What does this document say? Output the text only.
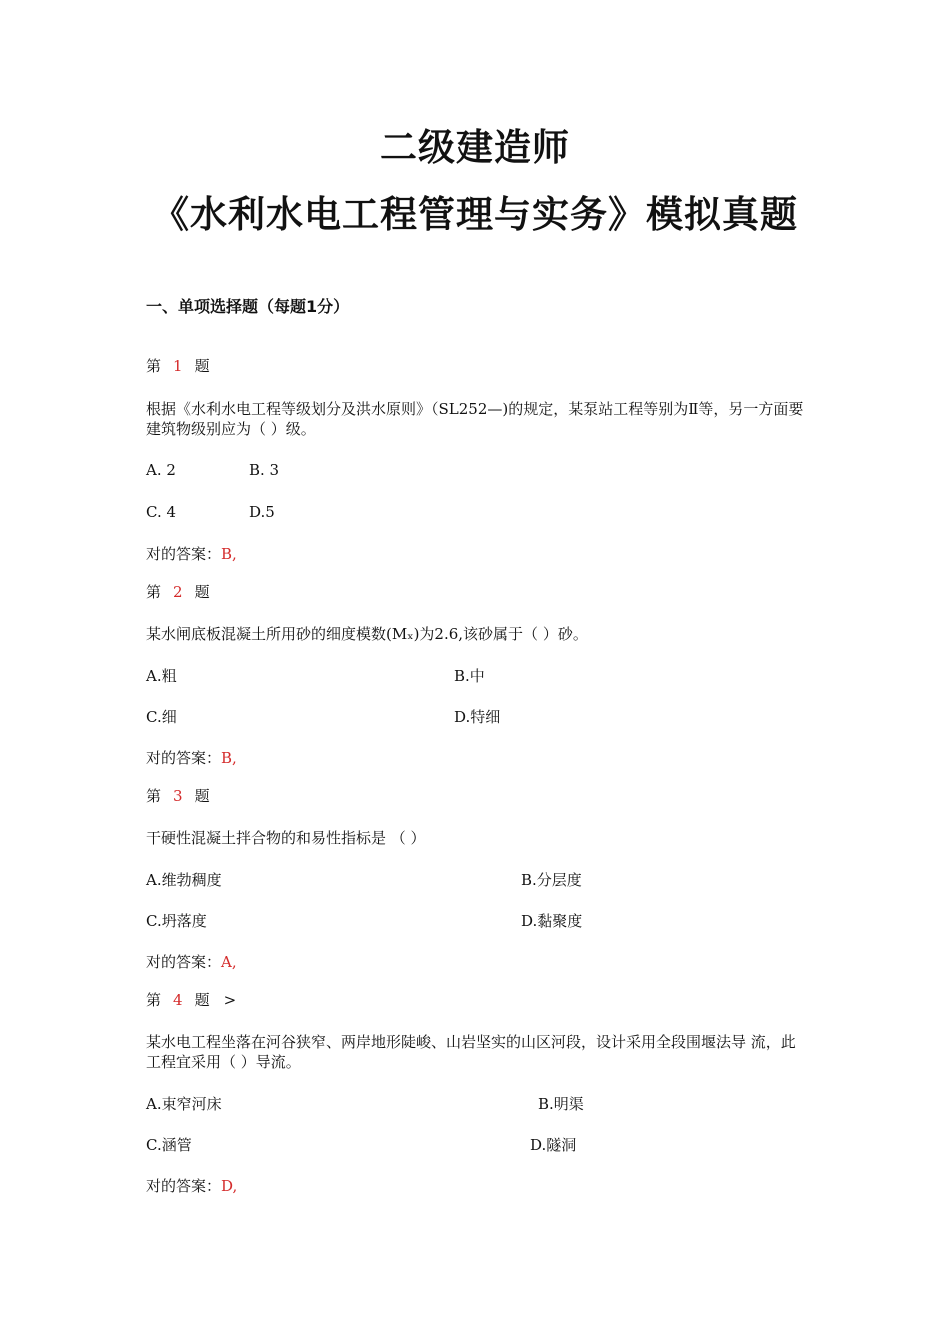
二级建造师
《水利水电工程管理与实务》模拟真题
一、单项选择题（每题1分）
第 1 题
根据《水利水电工程等级划分及洪水原则》（SL252—)的规定，某泵站工程等别为Ⅱ等，另一方面要建筑物级别应为（ ）级。
A. 2	B. 3
C. 4	D.5
对的答案：B,
第 2 题
某水闸底板混凝土所用砂的细度模数(Mₓ)为2.6,该砂属于（ ）砂。
A.粗	B.中
C.细	D.特细
对的答案：B,
第 3 题
干硬性混凝土拌合物的和易性指标是 （ ）
A.维勃稠度	B.分层度
C.坍落度	D.黏聚度
对的答案：A,
第 4 题 >
某水电工程坐落在河谷狭窄、两岸地形陡峻、山岩坚实的山区河段，设计采用全段围堰法导 流，此工程宜采用（ ）导流。
A.束窄河床	B.明渠
C.涵管	D.隧洞
对的答案：D,
